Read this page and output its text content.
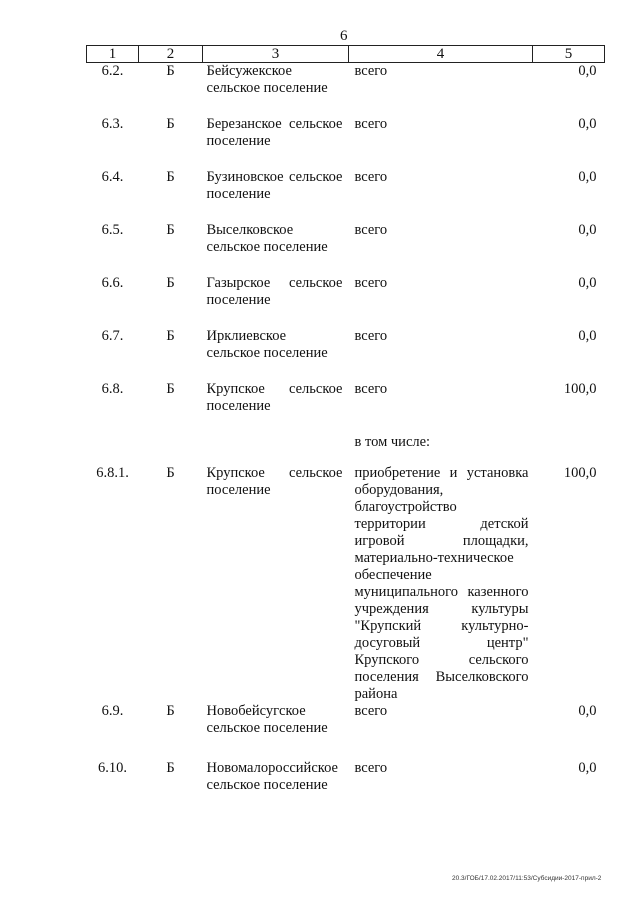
6
1	2	3	4	5
6.2.	Б	Бейсужекское сельское поселение	всего	0,0
6.3.	Б	Березанское сельское поселение	всего	0,0
6.4.	Б	Бузиновское сельское поселение	всего	0,0
6.5.	Б	Выселковское сельское поселение	всего	0,0
6.6.	Б	Газырское сельское поселение	всего	0,0
6.7.	Б	Ирклиевское сельское поселение	всего	0,0
6.8.	Б	Крупское сельское поселение	всего	100,0
			в том числе:	
6.8.1.	Б	Крупское сельское поселение	приобретение и установка оборудования, благоустройство территории детской игровой площадки, материально-техническое обеспечение муниципального казенного учреждения культуры "Крупский культурно-досуговый центр" Крупского сельского поселения Выселковского района	100,0
6.9.	Б	Новобейсугское сельское поселение	всего	0,0
6.10.	Б	Новомалороссийское сельское поселение	всего	0,0
20.3/ГОБ/17.02.2017/11:53/Субсидии-2017-прил-2
